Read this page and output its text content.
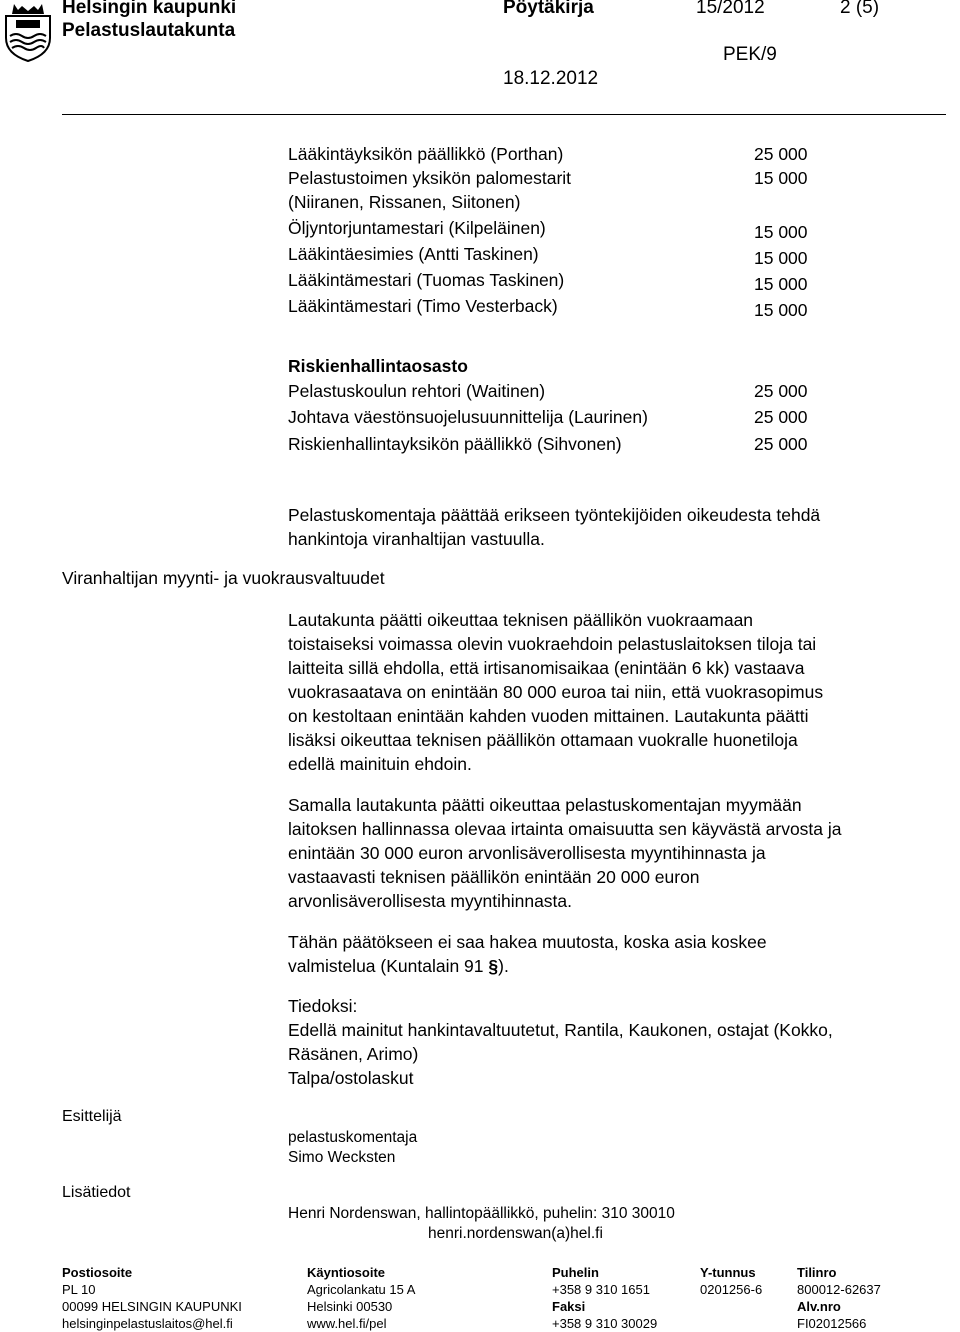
Helsingin kaupunki
Pelastuslautakunta
Pöytäkirja	15/2012	2 (5)
PEK/9
18.12.2012
Lääkintäyksikön päällikkö (Porthan)
Pelastustoimen yksikön palomestarit
(Niiranen, Rissanen, Siitonen)
Öljyntorjuntamestari (Kilpeläinen)
Lääkintäesimies (Antti Taskinen)
Lääkintämestari (Tuomas Taskinen)
Lääkintämestari (Timo Vesterback)
25 000
15 000
15 000
15 000
15 000
15 000
Riskienhallintaosasto
Pelastuskoulun rehtori (Waitinen)
Johtava väestönsuojelusuunnittelija (Laurinen)
Riskienhallintayksikön päällikkö (Sihvonen)
25 000
25 000
25 000
Pelastuskomentaja päättää erikseen työntekijöiden oikeudesta tehdä
hankintoja viranhaltijan vastuulla.
Viranhaltijan myynti- ja vuokrausvaltuudet
Lautakunta päätti oikeuttaa teknisen päällikön vuokraamaan
toistaiseksi voimassa olevin vuokraehdoin pelastuslaitoksen tiloja tai
laitteita sillä ehdolla, että irtisanomisaikaa (enintään 6 kk) vastaava
vuokrasaatava on enintään 80 000 euroa tai niin, että vuokrasopimus
on kestoltaan enintään kahden vuoden mittainen. Lautakunta päätti
lisäksi oikeuttaa teknisen päällikön ottamaan vuokralle huonetiloja
edellä mainituin ehdoin.
Samalla lautakunta päätti oikeuttaa pelastuskomentajan myymään
laitoksen hallinnassa olevaa irtainta omaisuutta sen käyvästä arvosta ja
enintään 30 000 euron arvonlisäverollisesta myyntihinnasta ja
vastaavasti teknisen päällikön enintään 20 000 euron
arvonlisäverollisesta myyntihinnasta.
Tähän päätökseen ei saa hakea muutosta, koska asia koskee
valmistelua (Kuntalain 91 §).
Tiedoksi:
Edellä mainitut hankintavaltuutetut, Rantila, Kaukonen, ostajat (Kokko,
Räsänen, Arimo)
Talpa/ostolaskut
Esittelijä
pelastuskomentaja
Simo Wecksten
Lisätiedot
Henri Nordenswan, hallintopäällikkö, puhelin: 310 30010
henri.nordenswan(a)hel.fi
Postiosoite
PL 10
00099 HELSINGIN KAUPUNKI
helsinginpelastuslaitos@hel.fi
Käyntiosoite
Agricolankatu 15 A
Helsinki 00530
www.hel.fi/pel
Puhelin
+358 9 310 1651
Faksi
+358 9 310 30029
Y-tunnus
0201256-6
Tilinro
800012-62637
Alv.nro
FI02012566
